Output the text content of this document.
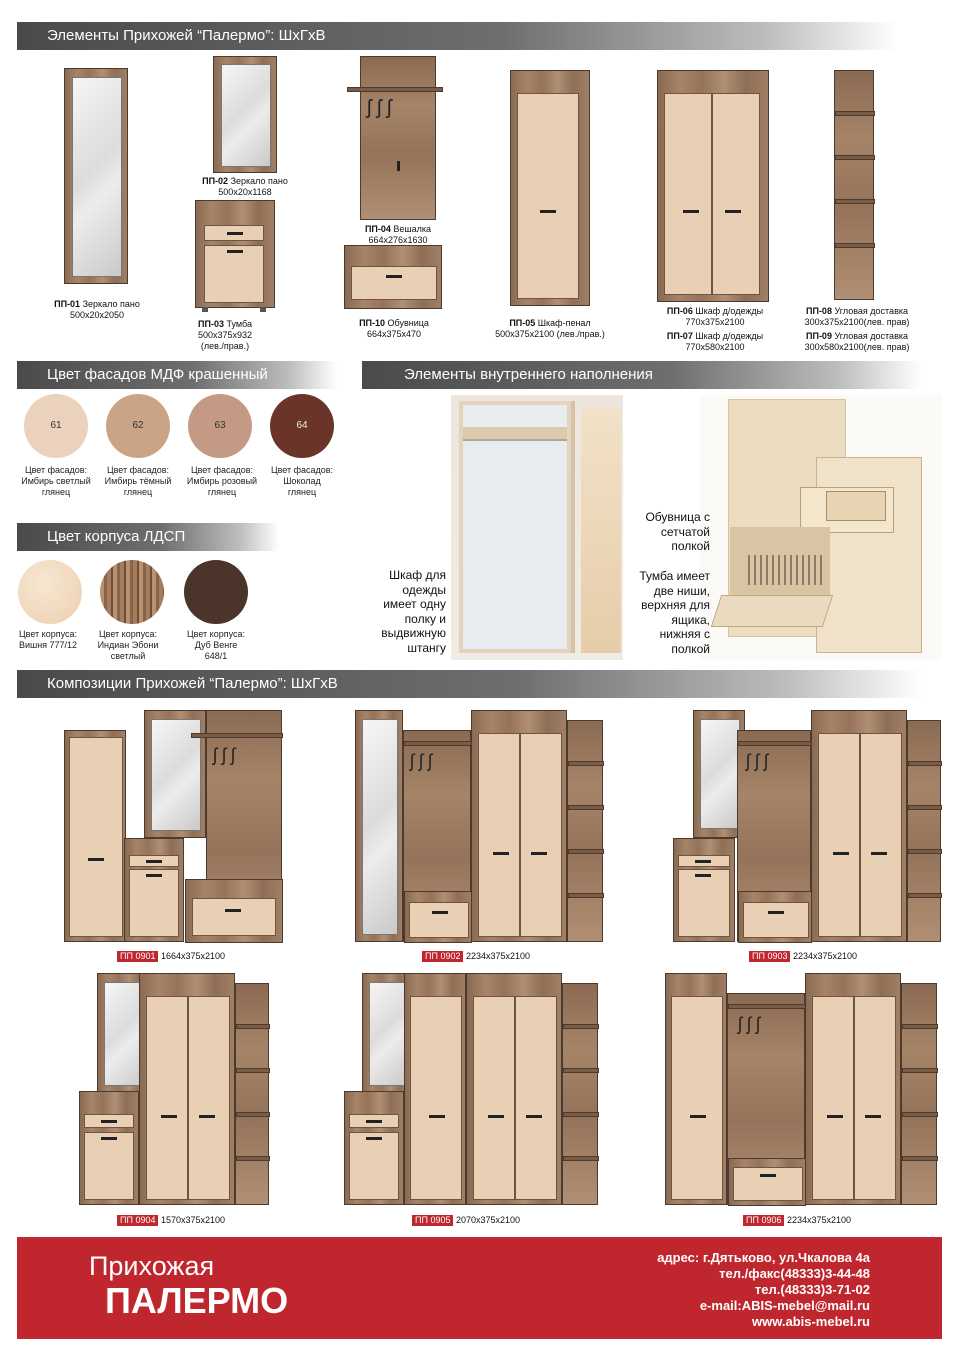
Элементы Прихожей “Палермо”: ШхГхВ
ПП-01 Зеркало пано
500x20x2050
ПП-02 Зеркало пано
500x20x1168
ПП-03 Тумба
500x375x932
(лев./прав.)
ʃ ʃ ʃ
ПП-04 Вешалка
664x276x1630
ПП-10 Обувница
664x375x470
ПП-05 Шкаф-пенал
500x375x2100 (лев./прав.)
ПП-06 Шкаф д/одежды
770x375x2100
ПП-07 Шкаф д/одежды
770x580x2100
ПП-08 Угловая доставка
300x375x2100(лев. прав)
ПП-09 Угловая доставка
300x580x2100(лев. прав)
Цвет фасадов МДФ крашенный
61	62	63	64
Цвет фасадов:
Имбирь светлый
глянец
Цвет фасадов:
Имбирь тёмный
глянец
Цвет фасадов:
Имбирь розовый
глянец
Цвет фасадов:
Шоколад
глянец
Элементы внутреннего наполнения
Цвет корпуса ЛДСП
Цвет корпуса:
Вишня 777/12
Цвет корпуса:
Индиан Эбони
светлый
Цвет корпуса:
Дуб Венге
648/1
Шкаф для
одежды
имеет одну
полку и
выдвижную
штангу
Обувница с
сетчатой
полкой
Тумба имеет
две ниши,
верхняя для
ящика,
нижняя с
полкой
Композиции Прихожей “Палермо”: ШхГхВ
ʃ ʃ ʃ
ПП 0901 1664x375x2100
ʃ ʃ ʃ
ПП 0902 2234x375x2100
ʃ ʃ ʃ
ПП 0903 2234x375x2100
ПП 0904 1570x375x2100	ПП 0905 2070x375x2100
ʃ ʃ ʃ
ПП 0906 2234x375x2100
Прихожая
ПАЛЕРМО
адрес: г.Дятьково, ул.Чкалова 4а
тел./факс(48333)3-44-48
тел.(48333)3-71-02
e-mail:ABIS-mebel@mail.ru
www.abis-mebel.ru
